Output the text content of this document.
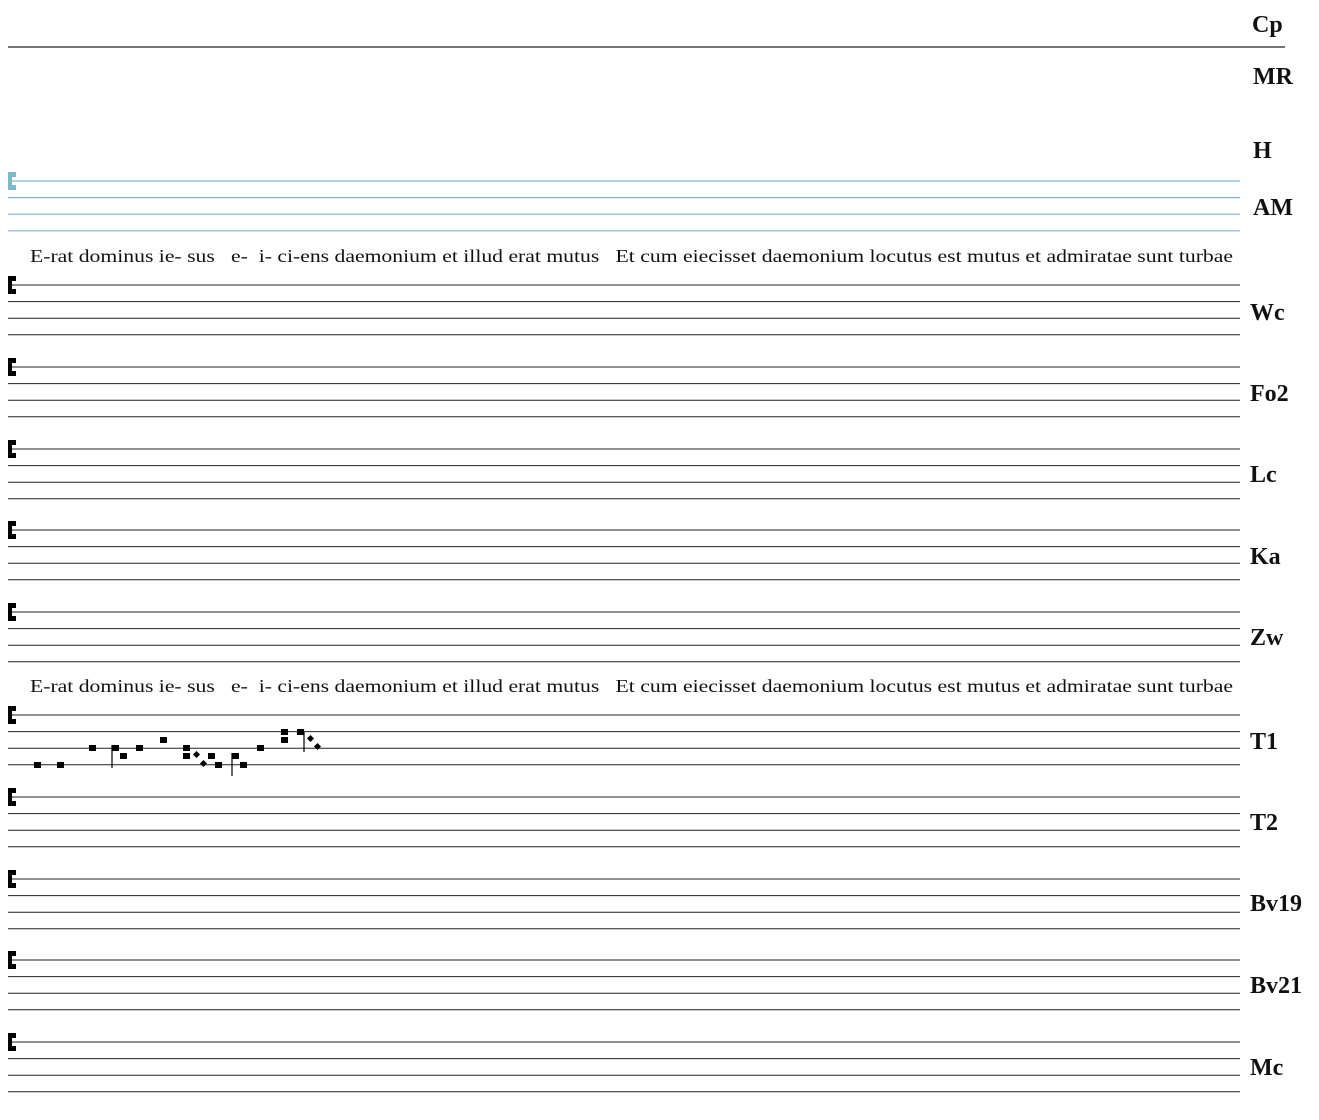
Cp
MR
H
AM
Wc
Fo2
Lc
Ka
Zw
T1
T2
Bv19
Bv21
Mc
E-rat dominus ie- sus   e-  i- ci-ens daemonium et illud erat mutus   Et cum eiecisset daemonium locutus est mutus et admiratae sunt turbae
E-rat dominus ie- sus   e-  i- ci-ens daemonium et illud erat mutus   Et cum eiecisset daemonium locutus est mutus et admiratae sunt turbae
